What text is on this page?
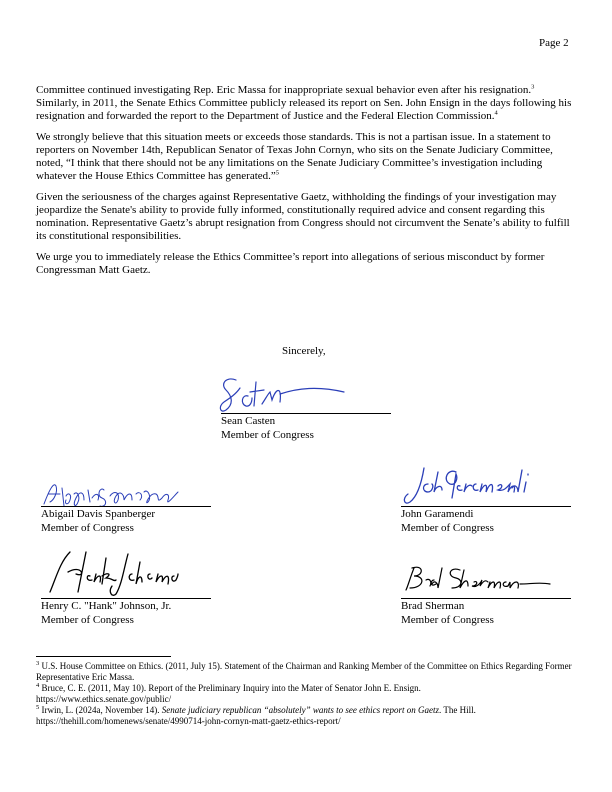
Page 2

Committee continued investigating Rep. Eric Massa for inappropriate sexual behavior even after his resignation.$^3$ Similarly, in 2011, the Senate Ethics Committee publicly released its report on Sen. John Ensign in the days following his resignation and forwarded the report to the Department of Justice and the Federal Election Commission.$^4$

We strongly believe that this situation meets or exceeds those standards. This is not a partisan issue. In a statement to reporters on November 14th, Republican Senator of Texas John Cornyn, who sits on the Senate Judiciary Committee, noted, “I think that there should not be any limitations on the Senate Judiciary Committee’s investigation including whatever the House Ethics Committee has generated.”$^5$

Given the seriousness of the charges against Representative Gaetz, withholding the findings of your investigation may jeopardize the Senate's ability to provide fully informed, constitutionally required advice and consent regarding this nomination. Representative Gaetz’s abrupt resignation from Congress should not circumvent the Senate’s ability to fulfill its constitutional responsibilities.

We urge you to immediately release the Ethics Committee’s report into allegations of serious misconduct by former Congressman Matt Gaetz.

Sincerely,
Sean Casten
Member of Congress
Abigail Davis Spanberger
Member of Congress
John Garamendi
Member of Congress
Henry C. "Hank" Johnson, Jr.
Member of Congress
Brad Sherman
Member of Congress
$^3$ U.S. House Committee on Ethics. (2011, July 15). Statement of the Chairman and Ranking Member of the Committee on Ethics Regarding Former Representative Eric Massa.
$^4$ Bruce, C. E. (2011, May 10). Report of the Preliminary Inquiry into the Mater of Senator John E. Ensign.
https://www.ethics.senate.gov/public/
$^5$ Irwin, L. (2024a, November 14). Senate judiciary republican “absolutely” wants to see ethics report on Gaetz. The Hill.
https://thehill.com/homenews/senate/4990714-john-cornyn-matt-gaetz-ethics-report/
